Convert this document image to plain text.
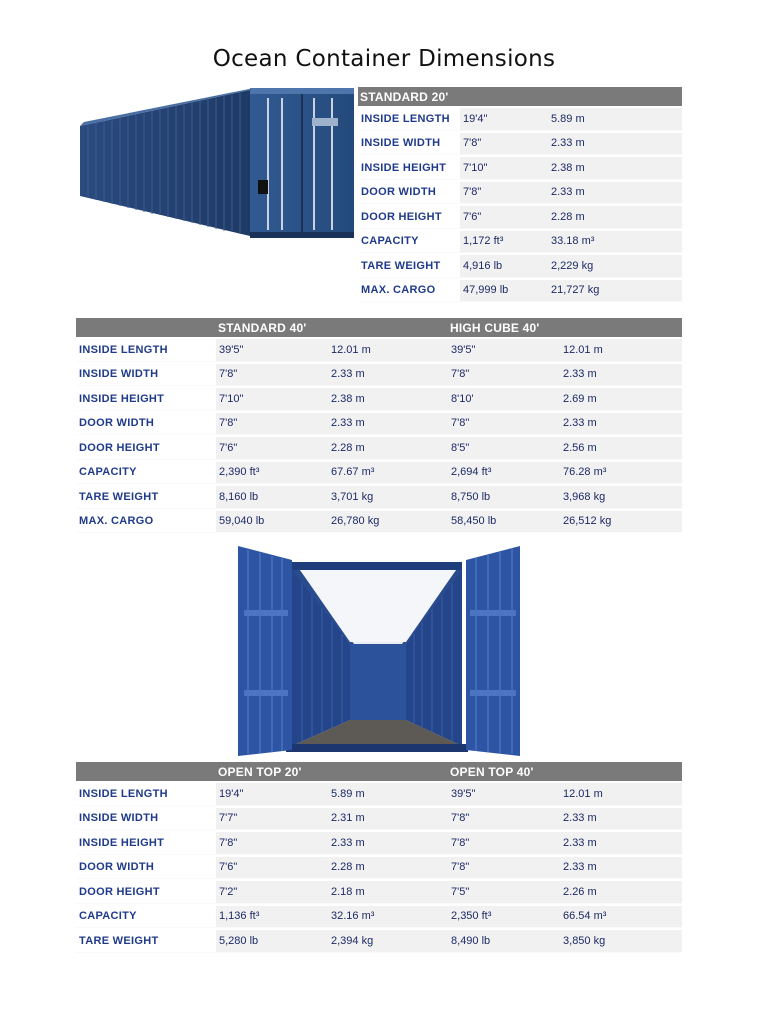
Ocean Container Dimensions
STANDARD 20'		
INSIDE LENGTH	19'4"	5.89 m
INSIDE WIDTH	7'8"	2.33 m
INSIDE HEIGHT	7'10"	2.38 m
DOOR WIDTH	7'8"	2.33 m
DOOR HEIGHT	7'6"	2.28 m
CAPACITY	1,172 ft³	33.18 m³
TARE WEIGHT	4,916 lb	2,229 kg
MAX. CARGO	47,999 lb	21,727 kg
	STANDARD 40'		HIGH CUBE 40'	
INSIDE LENGTH	39'5"	12.01 m	39'5"	12.01 m
INSIDE WIDTH	7'8"	2.33 m	7'8"	2.33 m
INSIDE HEIGHT	7'10"	2.38 m	8'10'	2.69 m
DOOR WIDTH	7'8"	2.33 m	7'8"	2.33 m
DOOR HEIGHT	7'6"	2.28 m	8'5"	2.56 m
CAPACITY	2,390 ft³	67.67 m³	2,694 ft³	76.28 m³
TARE WEIGHT	8,160 lb	3,701 kg	8,750 lb	3,968 kg
MAX. CARGO	59,040 lb	26,780 kg	58,450 lb	26,512 kg
	OPEN TOP 20'		OPEN TOP 40'	
INSIDE LENGTH	19'4"	5.89 m	39'5"	12.01 m
INSIDE WIDTH	7'7"	2.31 m	7'8"	2.33 m
INSIDE HEIGHT	7'8"	2.33 m	7'8"	2.33 m
DOOR WIDTH	7'6"	2.28 m	7'8"	2.33 m
DOOR HEIGHT	7'2"	2.18 m	7'5"	2.26 m
CAPACITY	1,136 ft³	32.16 m³	2,350 ft³	66.54 m³
TARE WEIGHT	5,280 lb	2,394 kg	8,490 lb	3,850 kg
